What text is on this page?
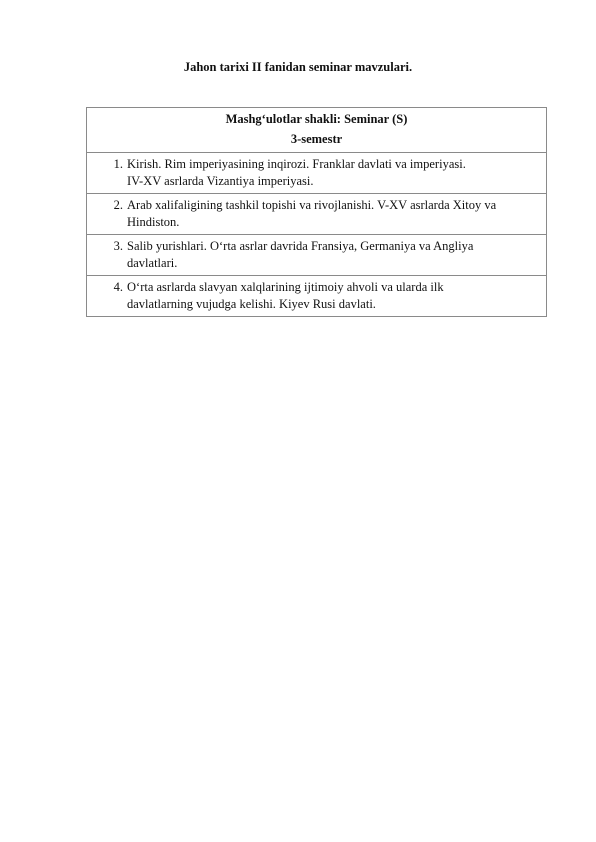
Jahon tarixi II fanidan seminar mavzulari.
Mashg‘ulotlar shakli: Seminar (S)
3-semestr

1. Kirish. Rim imperiyasining inqirozi. Franklar davlati va imperiyasi.
IV-XV asrlarda Vizantiya imperiyasi.

2. Arab xalifaligining tashkil topishi va rivojlanishi. V-XV asrlarda Xitoy va
Hindiston.

3. Salib yurishlari. O‘rta asrlar davrida Fransiya, Germaniya va Angliya
davlatlari.

4. O‘rta asrlarda slavyan xalqlarining ijtimoiy ahvoli va ularda ilk
davlatlarning vujudga kelishi. Kiyev Rusi davlati.
